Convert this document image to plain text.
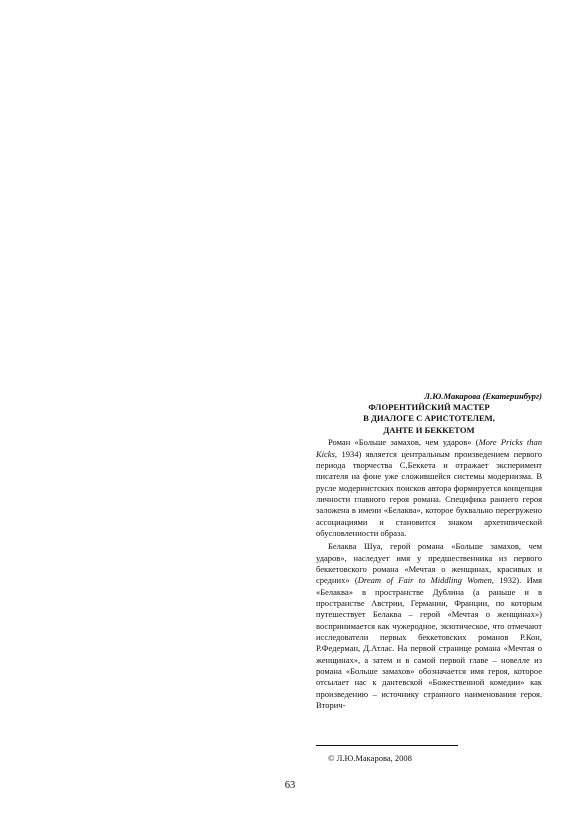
Л.Ю.Макарова (Екатеринбург)

ФЛОРЕНТИЙСКИЙ МАСТЕР
В ДИАЛОГЕ С АРИСТОТЕЛЕМ,
ДАНТЕ И БЕККЕТОМ

Роман «Больше замахов, чем ударов» (More Pricks than Kicks, 1934) является центральным произведением первого периода творчества С.Беккета и отражает эксперимент писателя на фоне уже сложившейся системы модернизма. В русле модернистских поисков автора формируется концепция личности главного героя романа. Специфика раннего героя заложена в имени «Белаква», которое буквально перегружено ассоциациями и становится знаком архетипической обусловленности образа.

Белаква Шуа, герой романа «Больше замахов, чем ударов», наследует имя у предшественника из первого беккетовского романа «Мечтая о женщинах, красивых и средних» (Dream of Fair to Middling Women, 1932). Имя «Белаква» в пространстве Дублина (а раньше и в пространстве Австрии, Германии, Франции, по которым путешествует Белаква – герой «Мечтая о женщинах») воспринимается как чужеродное, экзотическое, что отмечают исследователи первых беккетовских романов Р.Кон, Р.Федерман, Д.Атлас. На первой странице романа «Мечтая о женщинах», а затем и в самой первой главе – новелле из романа «Больше замахов» обозначается имя героя, которое отсылает нас к дантевской «Божественной комедии» как произведению – источнику странного наименования героя. Вторич-

© Л.Ю.Макарова, 2008

63
